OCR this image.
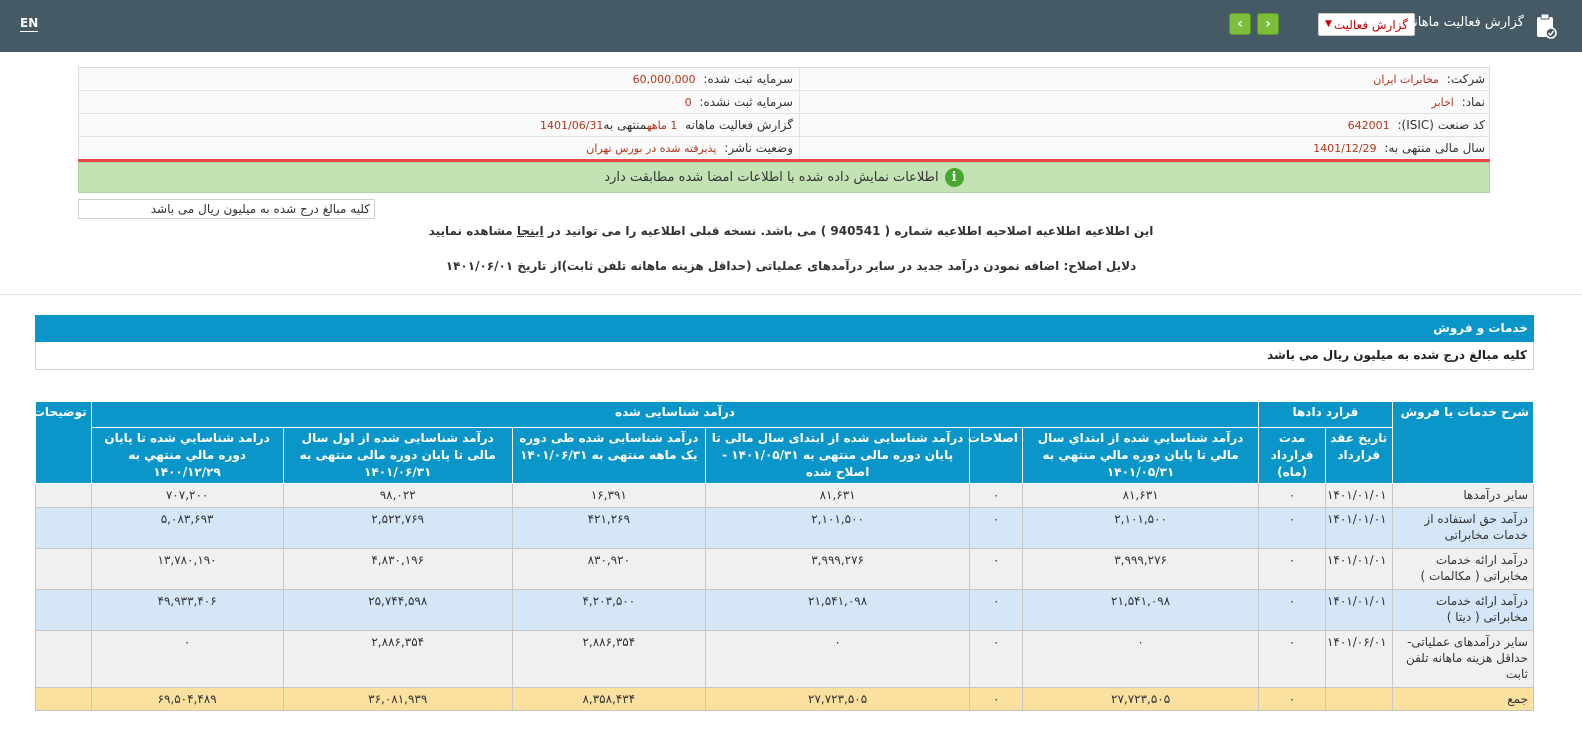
EN	‹	›	گزارش فعالیت
▼	گزارش فعالیت ماهانه
شرکت: مخابرات ایران
سرمایه ثبت شده: 60,000,000
نماد: اخابر
سرمایه ثبت نشده: 0
کد صنعت (ISIC): 642001
گزارش فعالیت ماهانه 1 ماههمنتهی به1401/06/31
سال مالی منتهی به: 1401/12/29
وضعیت ناشر: پذیرفته شده در بورس تهران
iاطلاعات نمایش داده شده با اطلاعات امضا شده مطابقت دارد
کلیه مبالغ درج شده به میلیون ریال می باشد
این اطلاعیه اطلاعیه اصلاحیه اطلاعیه شماره ( 940541 ) می باشد. نسخه قبلی اطلاعیه را می توانید در اینجا مشاهده نمایید
دلایل اصلاح: اضافه نمودن درآمد جدید در سایر درآمدهای عملیاتی (حداقل هزینه ماهانه تلفن ثابت)از تاریخ ۱۴۰۱/۰۶/۰۱
خدمات و فروش
کلیه مبالغ درج شده به میلیون ریال می باشد
شرح خدمات یا فروش	قرارد دادها		درآمد شناسایی شده						توضیحات
	تاریخ عقد قرارداد	مدت قرارداد (ماه)	درآمد شناسايي شده از ابتداي سال مالي تا پايان دوره مالي منتهي به ۱۴۰۱/۰۵/۳۱	اصلاحات	درآمد شناسایی شده از ابتدای سال مالی تا پایان دوره مالی منتهی به ۱۴۰۱/۰۵/۳۱ - اصلاح شده	درآمد شناسایی شده طی دوره یک ماهه منتهی به ۱۴۰۱/۰۶/۳۱	درآمد شناسایی شده از اول سال مالی تا پایان دوره مالی منتهی به ۱۴۰۱/۰۶/۳۱	درامد شناسايي شده تا پايان دوره مالي منتهي به ۱۴۰۰/۱۲/۲۹	
سایر درآمدها	۱۴۰۱/۰۱/۰۱	۰	۸۱,۶۳۱	۰	۸۱,۶۳۱	۱۶,۳۹۱	۹۸,۰۲۲	۷۰۷,۲۰۰	
درآمد حق استفاده از خدمات مخابراتی	۱۴۰۱/۰۱/۰۱	۰	۲,۱۰۱,۵۰۰	۰	۲,۱۰۱,۵۰۰	۴۲۱,۲۶۹	۲,۵۲۲,۷۶۹	۵,۰۸۳,۶۹۳	
درآمد ارائه خدمات مخابراتی ( مکالمات )	۱۴۰۱/۰۱/۰۱	۰	۳,۹۹۹,۲۷۶	۰	۳,۹۹۹,۲۷۶	۸۳۰,۹۲۰	۴,۸۳۰,۱۹۶	۱۳,۷۸۰,۱۹۰	
درآمد ارائه خدمات مخابراتی ( دیتا )	۱۴۰۱/۰۱/۰۱	۰	۲۱,۵۴۱,۰۹۸	۰	۲۱,۵۴۱,۰۹۸	۴,۲۰۳,۵۰۰	۲۵,۷۴۴,۵۹۸	۴۹,۹۳۳,۴۰۶	
سایر درآمدهای عملیاتی-حداقل هزینه ماهانه تلفن ثابت	۱۴۰۱/۰۶/۰۱	۰	۰	۰	۰	۲,۸۸۶,۳۵۴	۲,۸۸۶,۳۵۴	۰	
جمع		۰	۲۷,۷۲۳,۵۰۵	۰	۲۷,۷۲۳,۵۰۵	۸,۳۵۸,۴۳۴	۳۶,۰۸۱,۹۳۹	۶۹,۵۰۴,۴۸۹	
